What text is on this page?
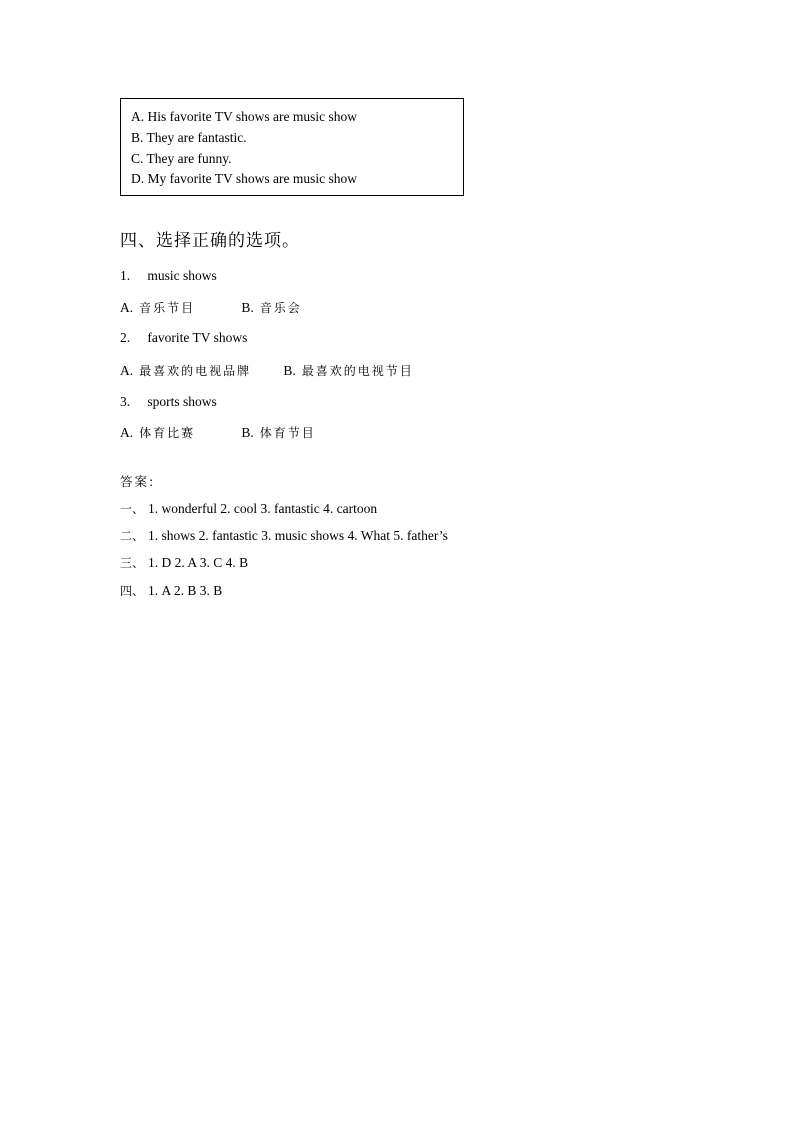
A. His favorite TV shows are music show
B. They are fantastic.
C. They are funny.
D. My favorite TV shows are music show
四、选择正确的选项。
1. music shows
A. 音乐节目	B. 音乐会
2. favorite TV shows
A. 最喜欢的电视品牌 B. 最喜欢的电视节目
3. sports shows
A. 体育比赛	B. 体育节目
答案:
一、 1. wonderful 2. cool 3. fantastic 4. cartoon
二、 1. shows 2. fantastic 3. music shows 4. What 5. father’s
三、 1. D 2. A 3. C 4. B
四、 1. A 2. B 3. B
